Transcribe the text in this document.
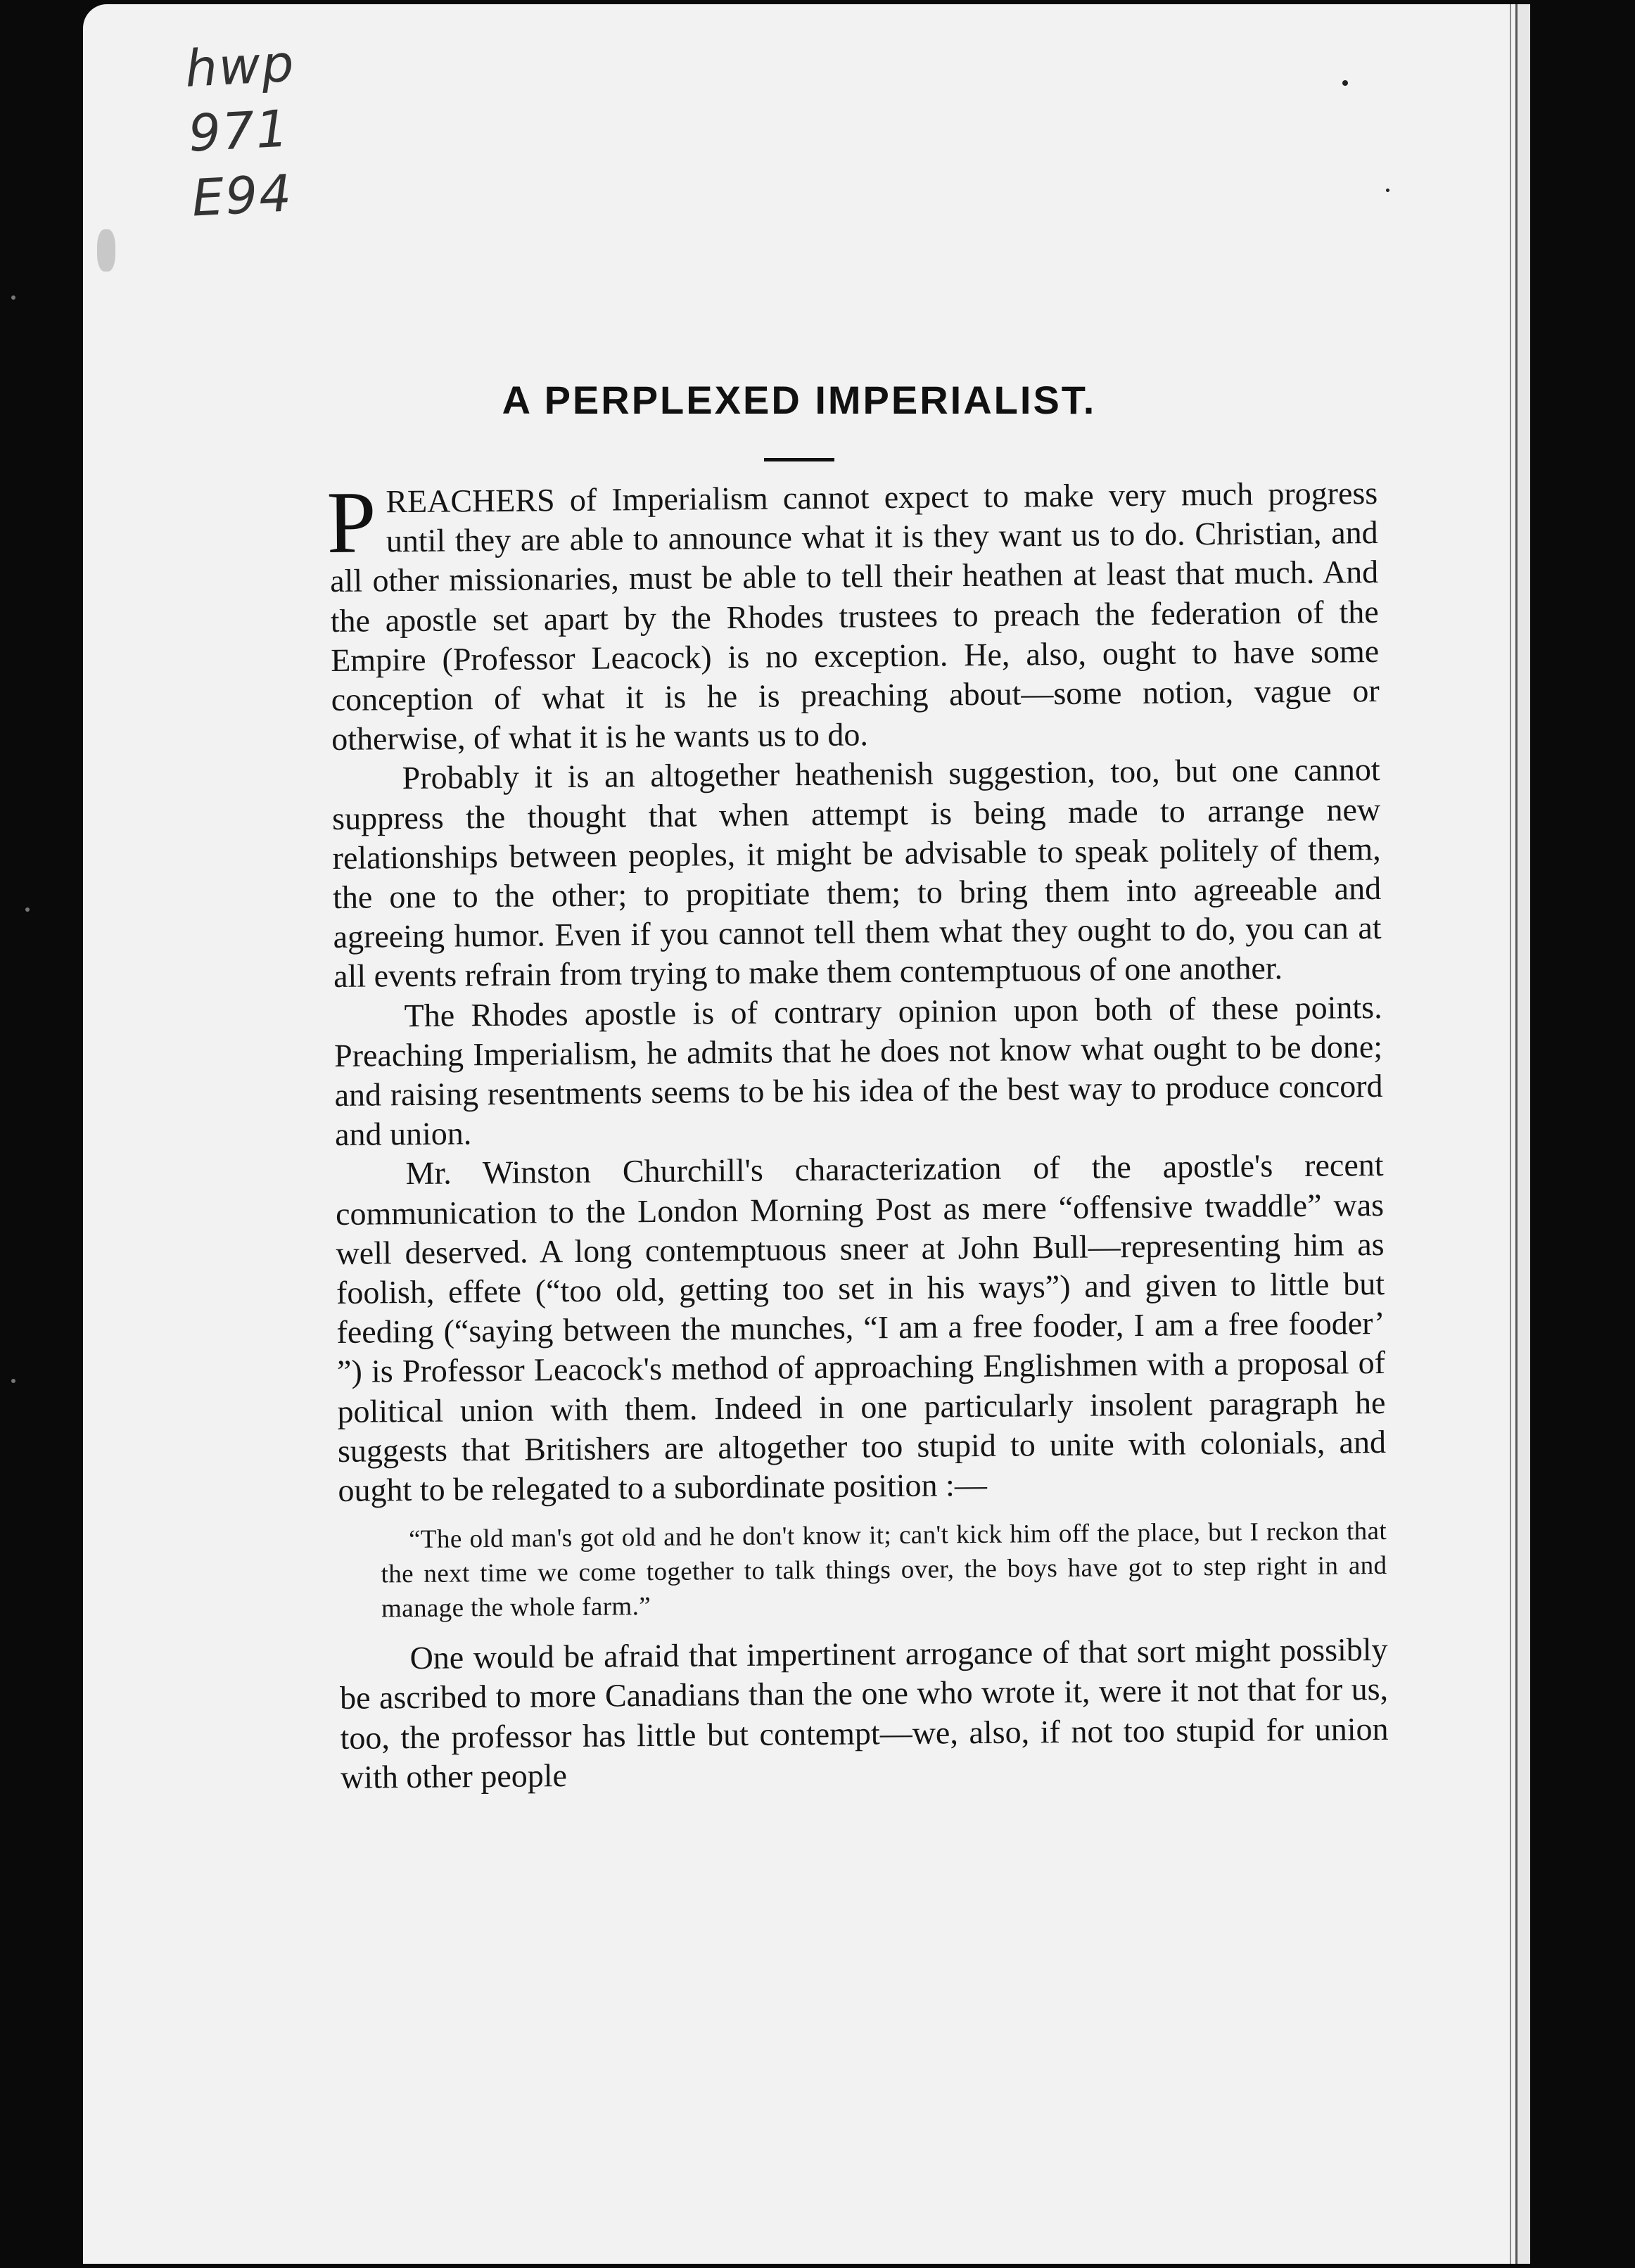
hwp
971
E94
A PERPLEXED IMPERIALIST.

PREACHERS of Imperialism cannot expect to make very much progress until they are able to announce what it is they want us to do. Christian, and all other missionaries, must be able to tell their heathen at least that much. And the apostle set apart by the Rhodes trustees to preach the federation of the Empire (Professor Leacock) is no exception. He, also, ought to have some conception of what it is he is preaching about—some notion, vague or otherwise, of what it is he wants us to do.

Probably it is an altogether heathenish suggestion, too, but one cannot suppress the thought that when attempt is being made to arrange new relationships between peoples, it might be advisable to speak politely of them, the one to the other; to propitiate them; to bring them into agreeable and agreeing humor. Even if you cannot tell them what they ought to do, you can at all events refrain from trying to make them contemptuous of one another.

The Rhodes apostle is of contrary opinion upon both of these points. Preaching Imperialism, he admits that he does not know what ought to be done; and raising resentments seems to be his idea of the best way to produce concord and union.

Mr. Winston Churchill's characterization of the apostle's recent communication to the London Morning Post as mere “offensive twaddle” was well deserved. A long contemptuous sneer at John Bull—representing him as foolish, effete (“too old, getting too set in his ways”) and given to little but feeding (“saying between the munches, “I am a free fooder, I am a free fooder’ ”) is Professor Leacock's method of approaching Englishmen with a proposal of political union with them. Indeed in one particularly insolent paragraph he suggests that Britishers are altogether too stupid to unite with colonials, and ought to be relegated to a subordinate position :—

“The old man's got old and he don't know it; can't kick him off the place, but I reckon that the next time we come together to talk things over, the boys have got to step right in and manage the whole farm.”

One would be afraid that impertinent arrogance of that sort might possibly be ascribed to more Canadians than the one who wrote it, were it not that for us, too, the professor has little but contempt—we, also, if not too stupid for union with other people
